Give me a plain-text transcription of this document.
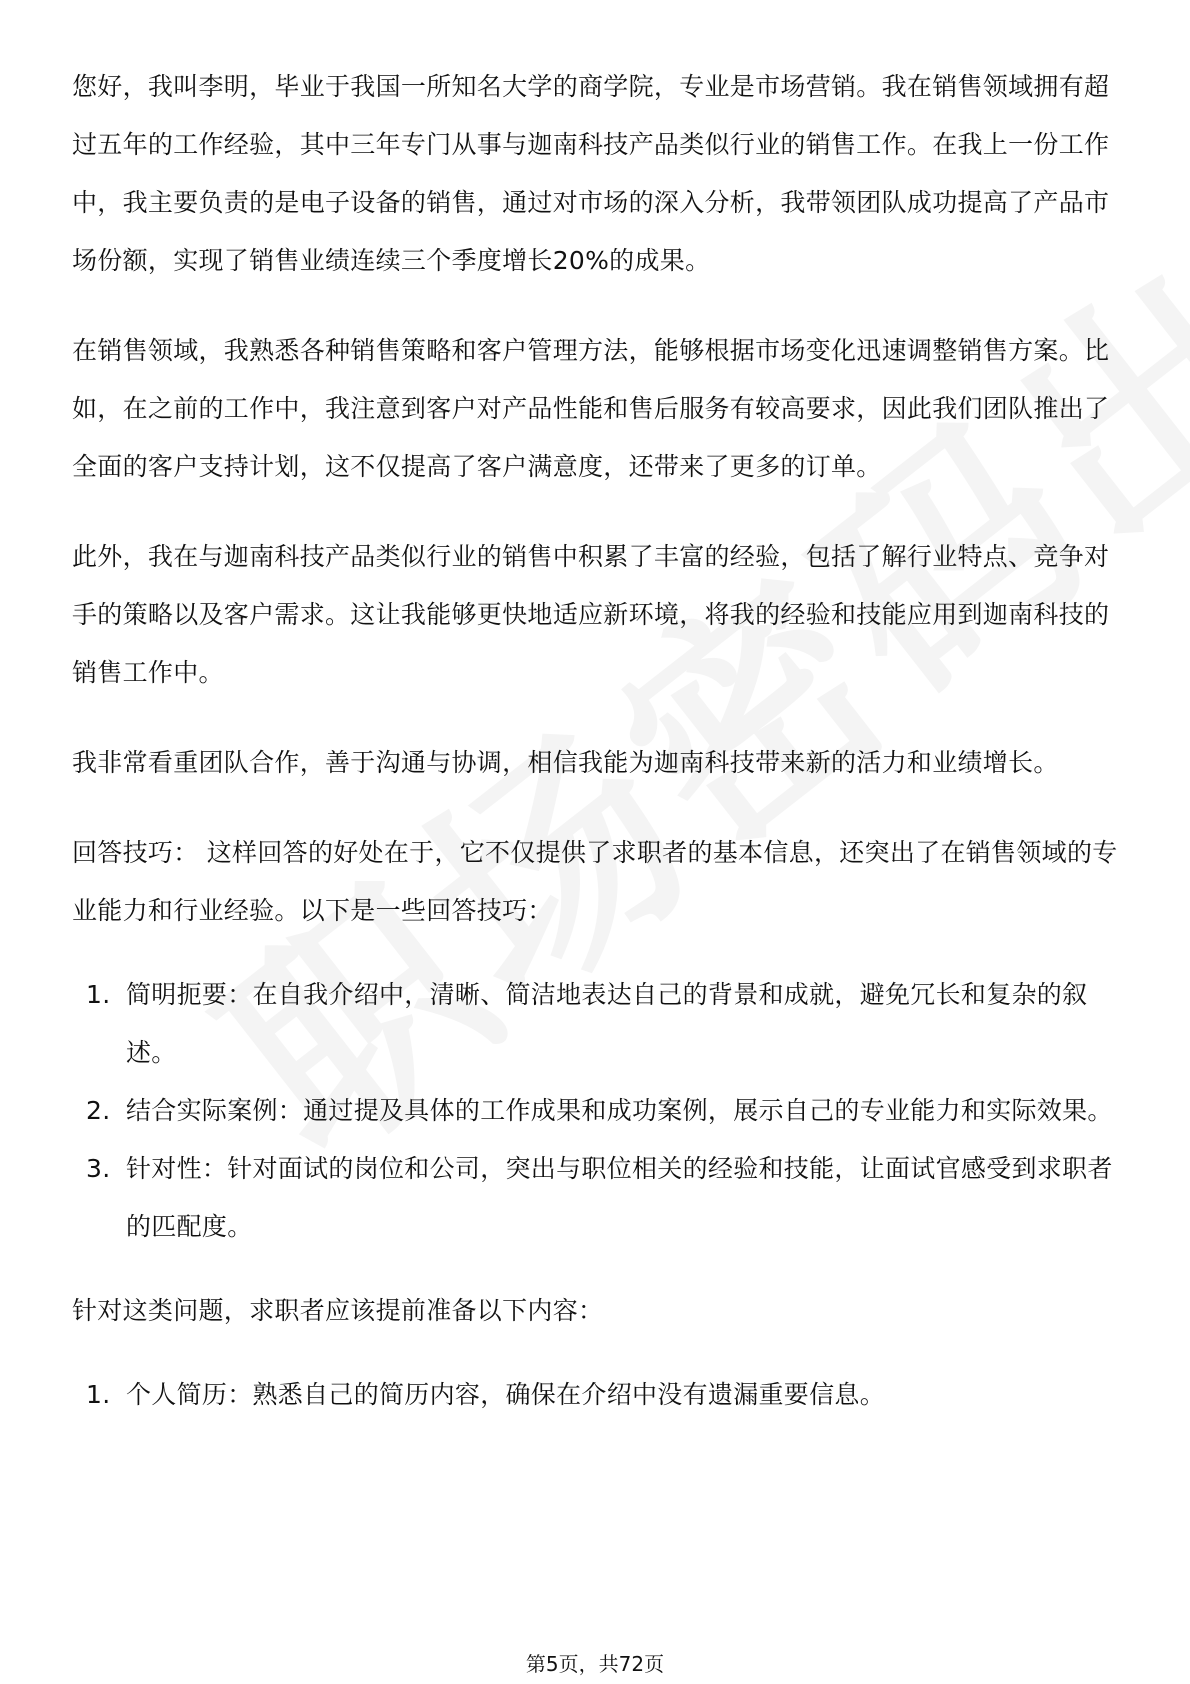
您好，我叫李明，毕业于我国一所知名大学的商学院，专业是市场营销。我在销售领域拥有超过五年的工作经验，其中三年专门从事与迦南科技产品类似行业的销售工作。在我上一份工作中，我主要负责的是电子设备的销售，通过对市场的深入分析，我带领团队成功提高了产品市场份额，实现了销售业绩连续三个季度增长20%的成果。

在销售领域，我熟悉各种销售策略和客户管理方法，能够根据市场变化迅速调整销售方案。比如，在之前的工作中，我注意到客户对产品性能和售后服务有较高要求，因此我们团队推出了全面的客户支持计划，这不仅提高了客户满意度，还带来了更多的订单。

此外，我在与迦南科技产品类似行业的销售中积累了丰富的经验，包括了解行业特点、竞争对手的策略以及客户需求。这让我能够更快地适应新环境，将我的经验和技能应用到迦南科技的销售工作中。

我非常看重团队合作，善于沟通与协调，相信我能为迦南科技带来新的活力和业绩增长。

回答技巧： 这样回答的好处在于，它不仅提供了求职者的基本信息，还突出了在销售领域的专业能力和行业经验。以下是一些回答技巧：

1. 简明扼要：在自我介绍中，清晰、简洁地表达自己的背景和成就，避免冗长和复杂的叙述。
2. 结合实际案例：通过提及具体的工作成果和成功案例，展示自己的专业能力和实际效果。
3. 针对性：针对面试的岗位和公司，突出与职位相关的经验和技能，让面试官感受到求职者的匹配度。

针对这类问题，求职者应该提前准备以下内容：

1. 个人简历：熟悉自己的简历内容，确保在介绍中没有遗漏重要信息。
第5页，共72页
